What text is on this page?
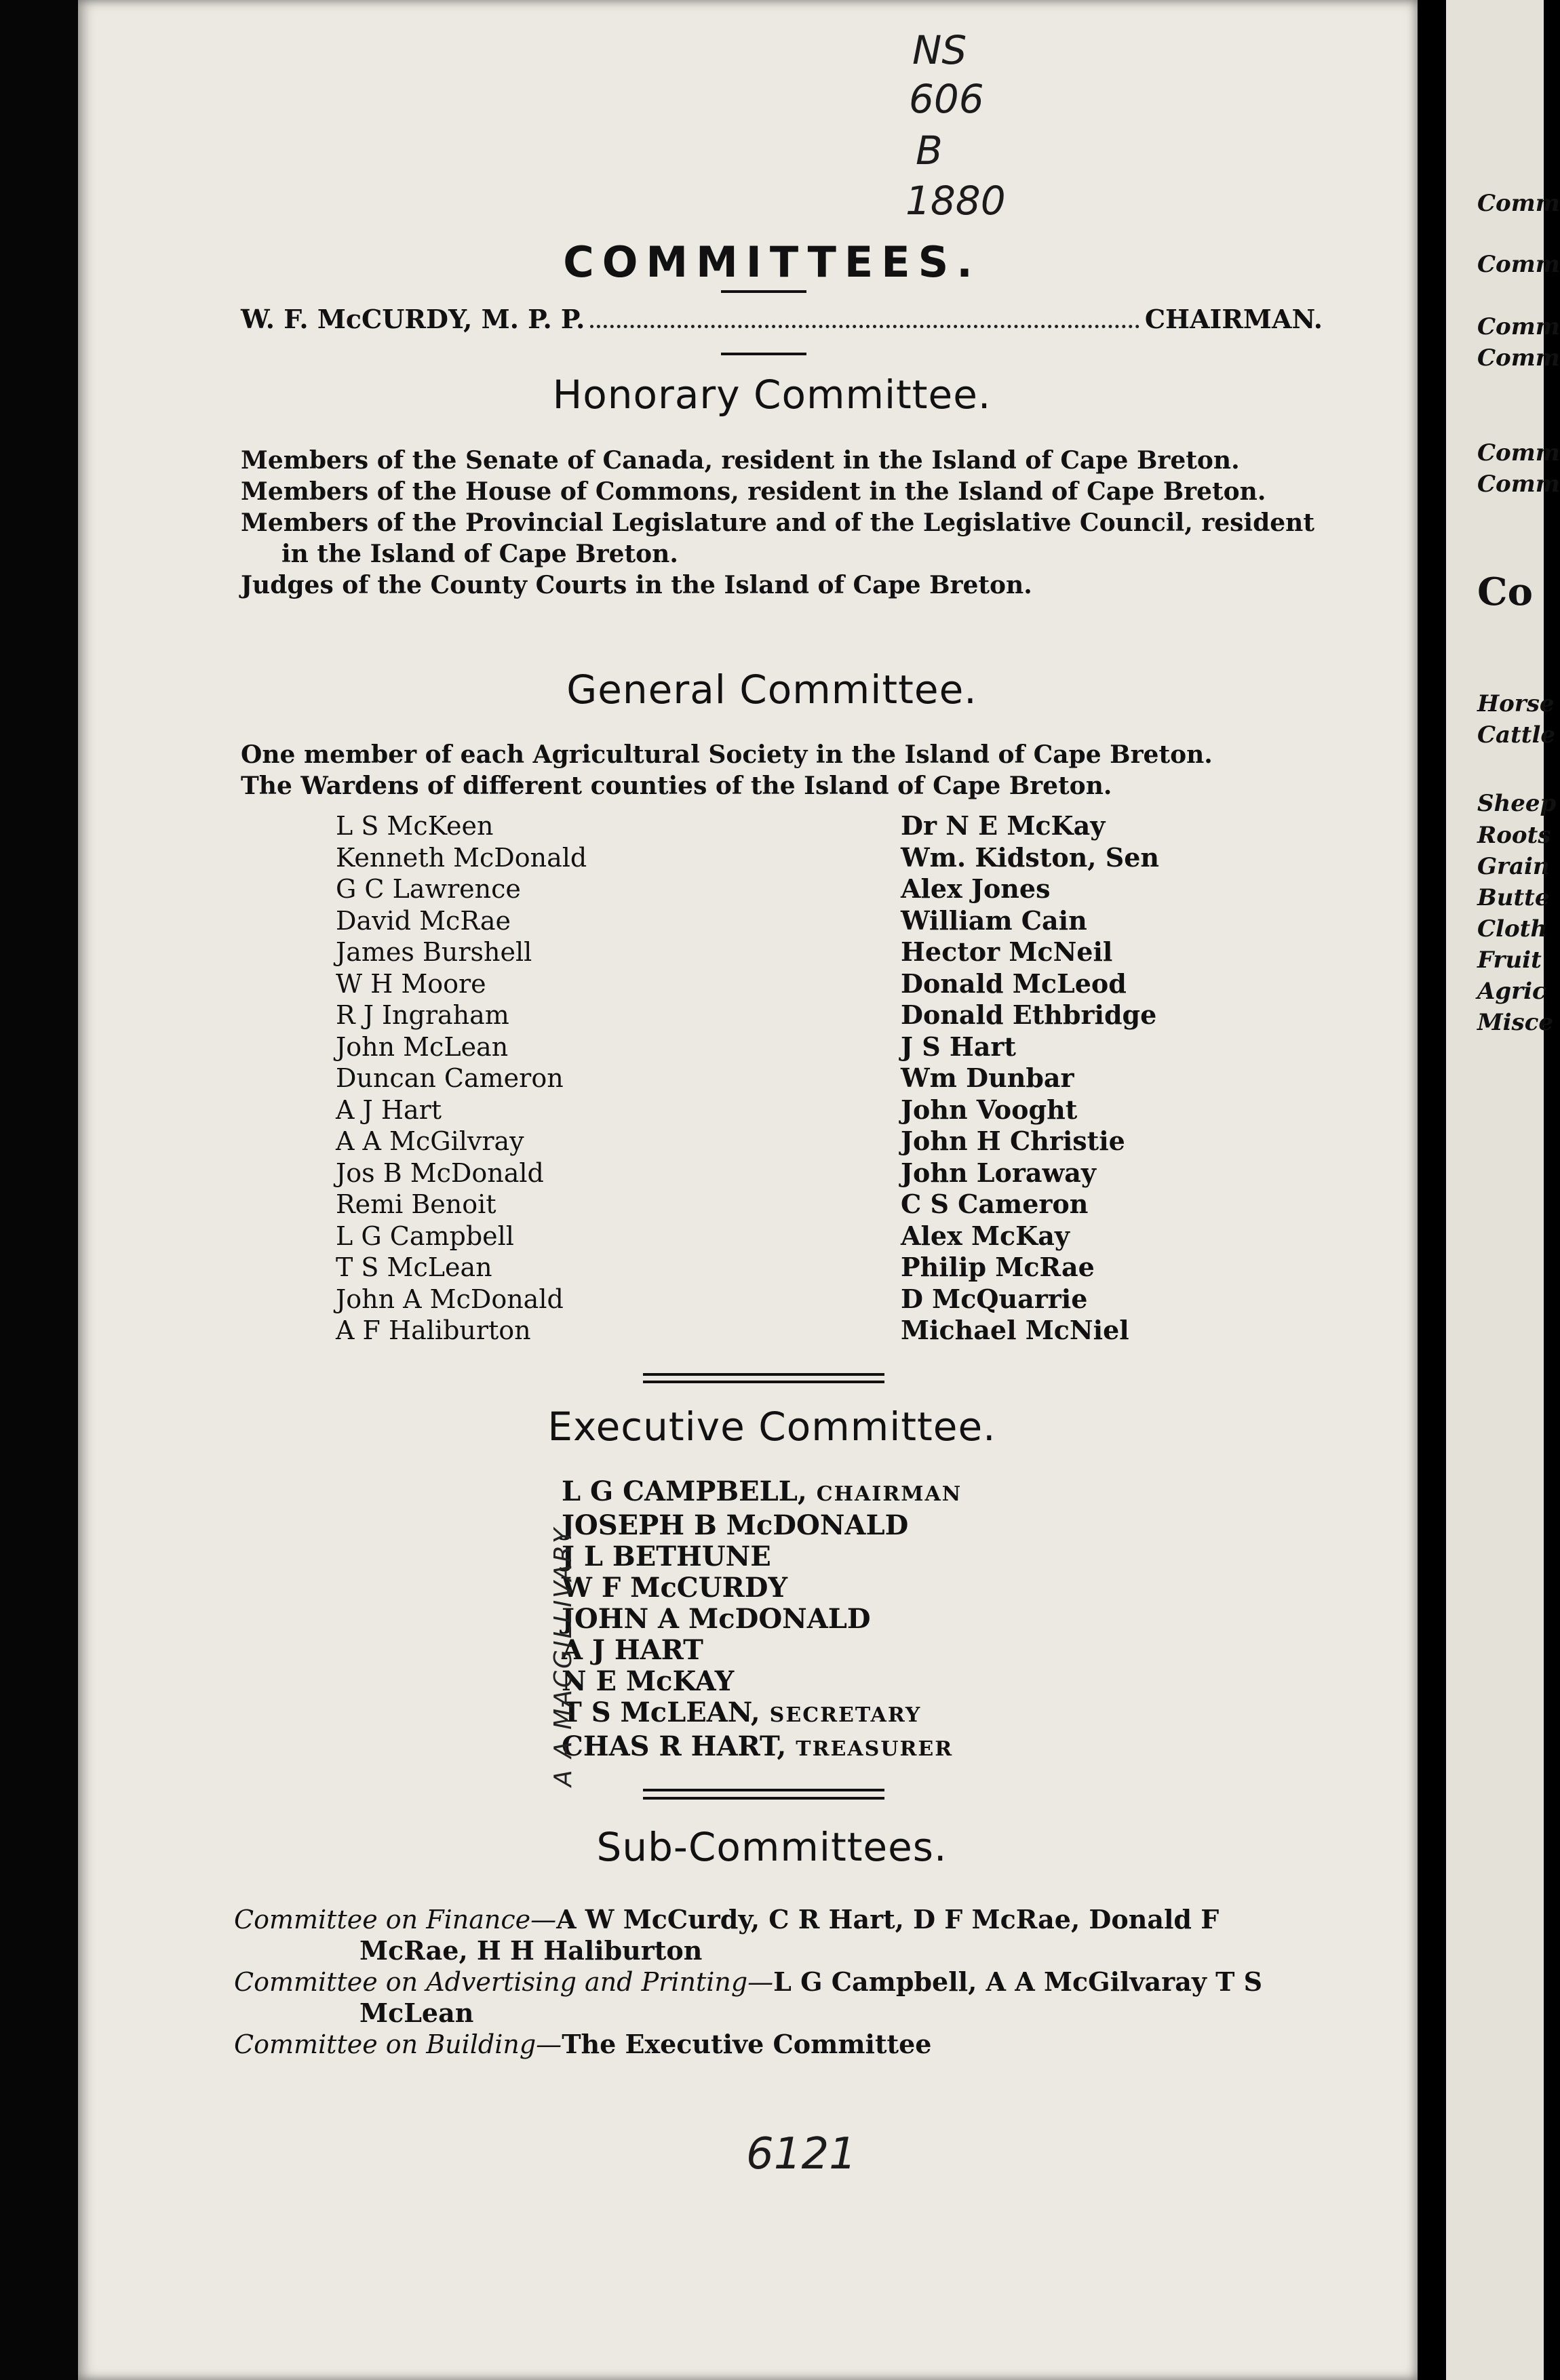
Comm
Comm
Comm
Comm
Comm
Comm
Co
Horse
Cattle
Sheep
Roots
Grain
Butte
Cloth
Fruit
Agric
Misce
NS
606
B
1880
COMMITTEES.
W. F. McCURDY, M. P. P.	CHAIRMAN.
Honorary Committee.
Members of the Senate of Canada, resident in the Island of Cape Breton.
Members of the House of Commons, resident in the Island of Cape Breton.
Members of the Provincial Legislature and of the Legislative Council, resident
in the Island of Cape Breton.
Judges of the County Courts in the Island of Cape Breton.
General Committee.
One member of each Agricultural Society in the Island of Cape Breton.
The Wardens of different counties of the Island of Cape Breton.
L S McKeen
Kenneth McDonald
G C Lawrence
David McRae
James Burshell
W H Moore
R J Ingraham
John McLean
Duncan Cameron
A J Hart
A A McGilvray
Jos B McDonald
Remi Benoit
L G Campbell
T S McLean
John A McDonald
A F Haliburton
Dr N E McKay
Wm. Kidston, Sen
Alex Jones
William Cain
Hector McNeil
Donald McLeod
Donald Ethbridge
J S Hart
Wm Dunbar
John Vooght
John H Christie
John Loraway
C S Cameron
Alex McKay
Philip McRae
D McQuarrie
Michael McNiel
Executive Committee.
L G CAMPBELL, CHAIRMAN
JOSEPH B McDONALD
J L BETHUNE
W F McCURDY
JOHN A McDONALD
A J HART
N E McKAY
T S McLEAN, SECRETARY
CHAS R HART, TREASURER
A A MACGILLIVARY
Sub-Committees.
Committee on Finance—A W McCurdy, C R Hart, D F McRae, Donald F
McRae, H H Haliburton
Committee on Advertising and Printing—L G Campbell, A A McGilvaray T S
McLean
Committee on Building—The Executive Committee
6121
